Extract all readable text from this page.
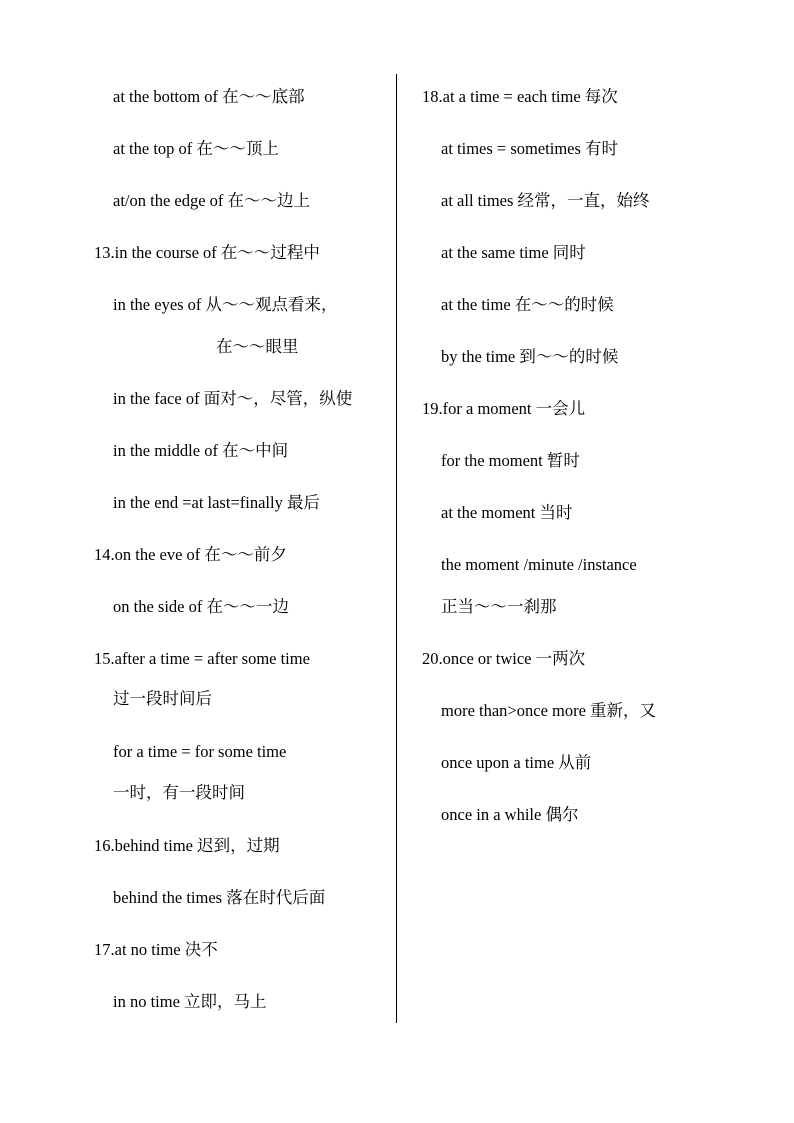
at the bottom of 在～～底部
at the top of 在～～顶上
at/on the edge of 在～～边上
13.in the course of 在～～过程中
in the eyes of 从～～观点看来，
在～～眼里
in the face of 面对～，尽管，纵使
in the middle of 在～中间
in the end =at last=finally 最后
14.on the eve of 在～～前夕
on the side of 在～～一边
15.after a time = after some time
过一段时间后
for a time = for some time
一时，有一段时间
16.behind time 迟到，过期
behind the times 落在时代后面
17.at no time 决不
in no time 立即，马上
18.at a time = each time 每次
at times = sometimes 有时
at all times 经常，一直，始终
at the same time 同时
at the time 在～～的时候
by the time 到～～的时候
19.for a moment 一会儿
for the moment 暂时
at the moment 当时
the moment /minute /instance
正当～～一刹那
20.once or twice 一两次
more than>once more 重新，又
once upon a time 从前
once in a while 偶尔
